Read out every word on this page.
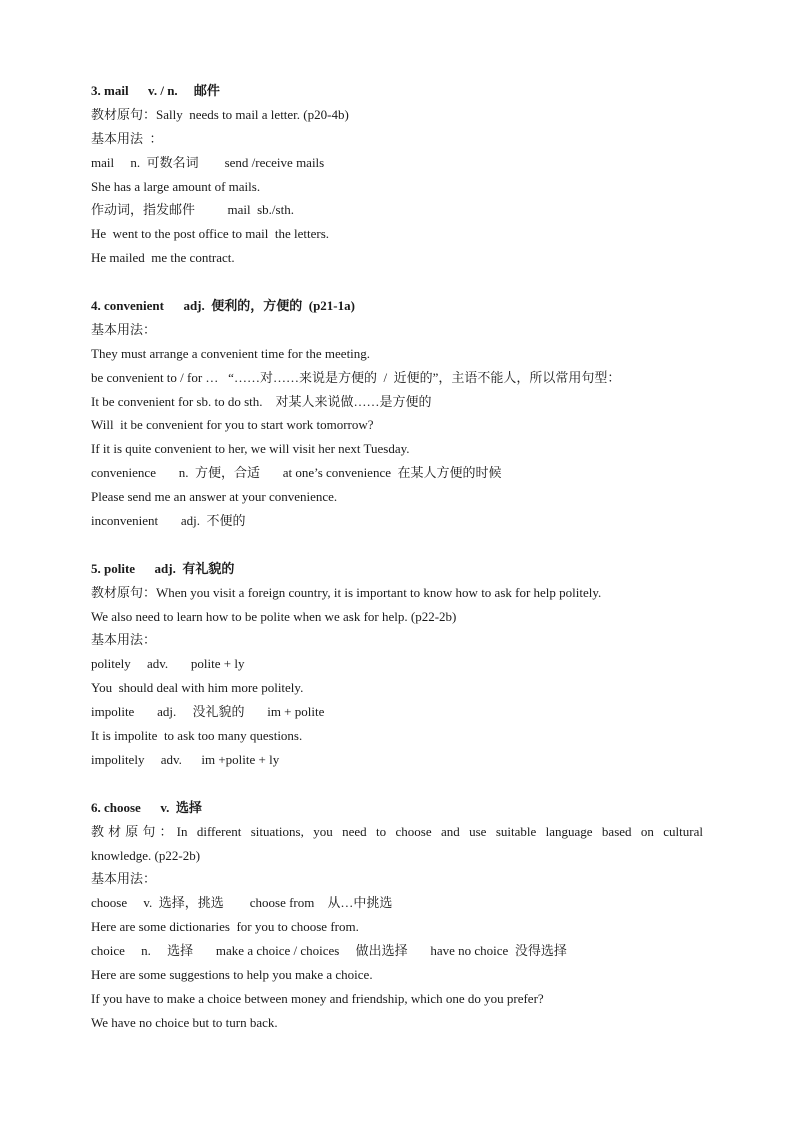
3. mail      v. / n.     邮件
教材原句：Sally  needs to mail a letter. (p20-4b)
基本用法  ：
mail     n.  可数名词        send /receive mails
She has a large amount of mails.
作动词，指发邮件          mail  sb./sth.
He  went to the post office to mail  the letters.
He mailed  me the contract.
4. convenient      adj.  便利的，方便的  (p21-1a)
基本用法：
They must arrange a convenient time for the meeting.
be convenient to / for …   “……对……来说是方便的  /  近便的”，主语不能人，所以常用句型：
It be convenient for sb. to do sth.    对某人来说做……是方便的
Will  it be convenient for you to start work tomorrow?
If it is quite convenient to her, we will visit her next Tuesday.
convenience       n.  方便，合适       at one’s convenience  在某人方便的时候
Please send me an answer at your convenience.
inconvenient       adj.  不便的
5. polite      adj.  有礼貌的
教材原句：When you visit a foreign country, it is important to know how to ask for help politely.
We also need to learn how to be polite when we ask for help. (p22-2b)
基本用法：
politely     adv.       polite + ly
You  should deal with him more politely.
impolite       adj.     没礼貌的       im + polite
It is impolite  to ask too many questions.
impolitely     adv.      im +polite + ly
6. choose      v.  选择
教材原句：In different situations, you need to choose and use suitable language based on cultural
knowledge. (p22-2b)
基本用法：
choose     v.  选择，挑选        choose from    从…中挑选
Here are some dictionaries  for you to choose from.
choice     n.     选择       make a choice / choices     做出选择       have no choice  没得选择
Here are some suggestions to help you make a choice.
If you have to make a choice between money and friendship, which one do you prefer?
We have no choice but to turn back.
